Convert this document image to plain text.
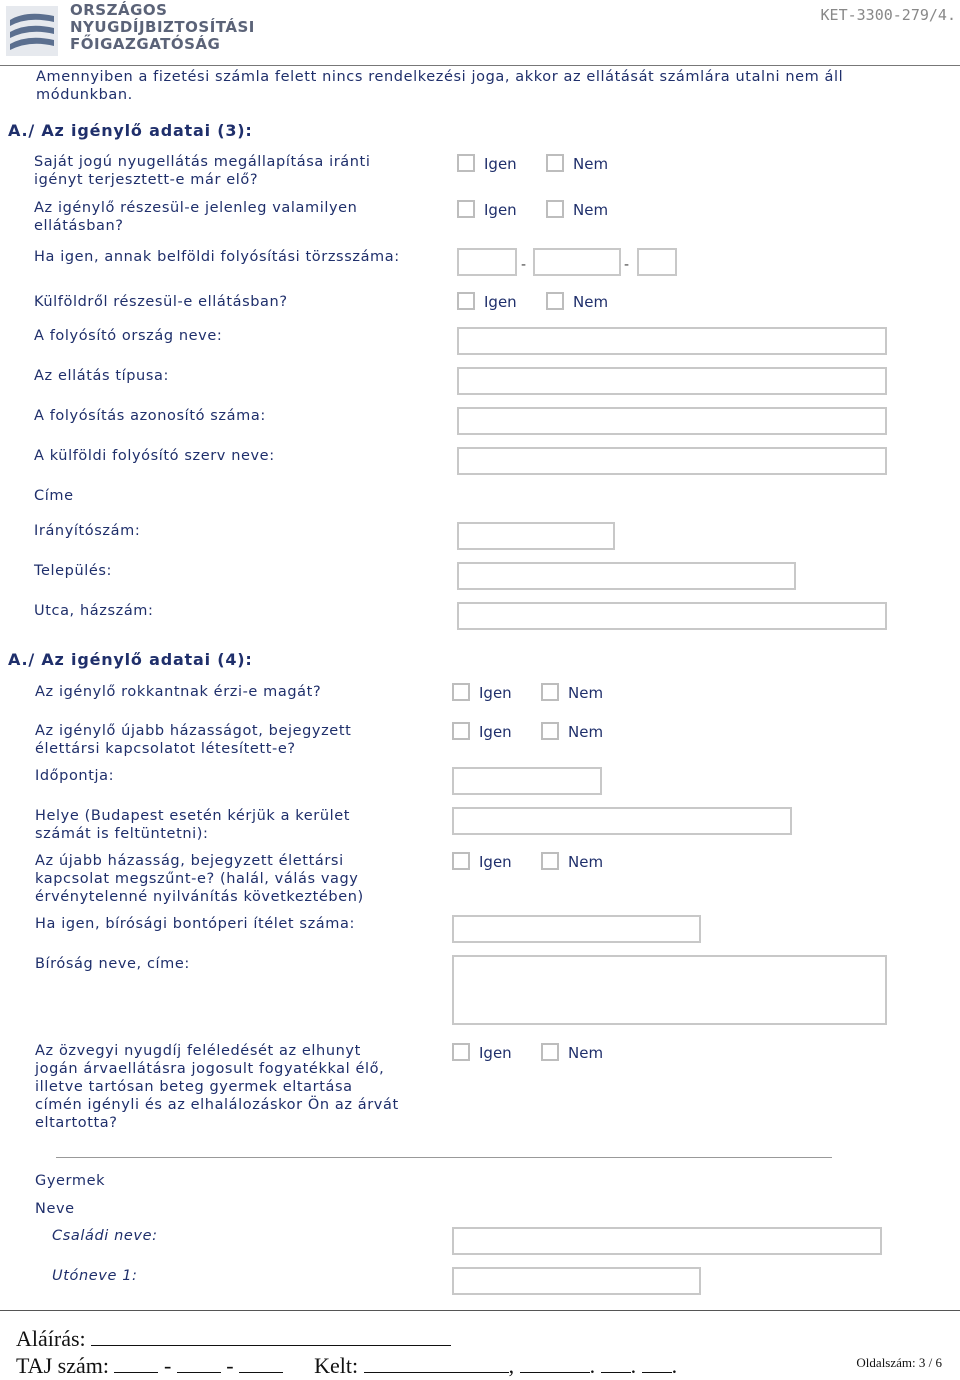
ORSZÁGOS
NYUGDÍJBIZTOSÍTÁSI
FŐIGAZGATÓSÁG
KET-3300-279/4.
Amennyiben a fizetési számla felett nincs rendelkezési joga, akkor az ellátását számlára utalni nem áll módunkban.
A./ Az igénylő adatai (3):
Saját jogú nyugellátás megállapítása iránti igényt terjesztett-e már elő?
Igen	Nem
Az igénylő részesül-e jelenleg valamilyen ellátásban?
Igen	Nem
Ha igen, annak belföldi folyósítási törzsszáma:	-	-
Külföldről részesül-e ellátásban?	Igen	Nem
A folyósító ország neve:
Az ellátás típusa:
A folyósítás azonosító száma:
A külföldi folyósító szerv neve:
Címe
Irányítószám:
Település:
Utca, házszám:
A./ Az igénylő adatai (4):
Az igénylő rokkantnak érzi-e magát?	Igen	Nem
Az igénylő újabb házasságot, bejegyzett élettársi kapcsolatot létesített-e?
Igen	Nem
Időpontja:
Helye (Budapest esetén kérjük a kerület számát is feltüntetni):
Az újabb házasság, bejegyzett élettársi kapcsolat megszűnt-e? (halál, válás vagy érvénytelenné nyilvánítás következtében)
Igen	Nem
Ha igen, bírósági bontóperi ítélet száma:
Bíróság neve, címe:
Az özvegyi nyugdíj feléledését az elhunyt jogán árvaellátásra jogosult fogyatékkal élő, illetve tartósan beteg gyermek eltartása címén igényli és az elhalálozáskor Ön az árvát eltartotta?
Igen	Nem
Gyermek
Neve
Családi neve:
Utóneve 1:
Aláírás:
TAJ szám:	-	-	Kelt:	,	. . .	Oldalszám: 3 / 6
